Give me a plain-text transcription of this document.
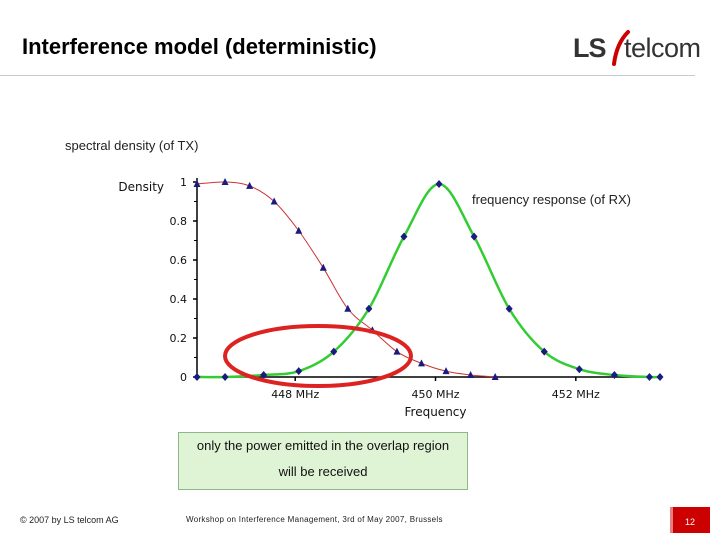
Interference model (deterministic)	LS telcom
spectral density (of TX)
frequency response (of RX)
0
0.2
0.4
0.6
0.8
1
448 MHz	450 MHz	452 MHz
Density
Frequency
only the power emitted in the overlap region
will be received
© 2007 by LS telcom AG	Workshop on Interference Management, 3rd of May 2007, Brussels	12
